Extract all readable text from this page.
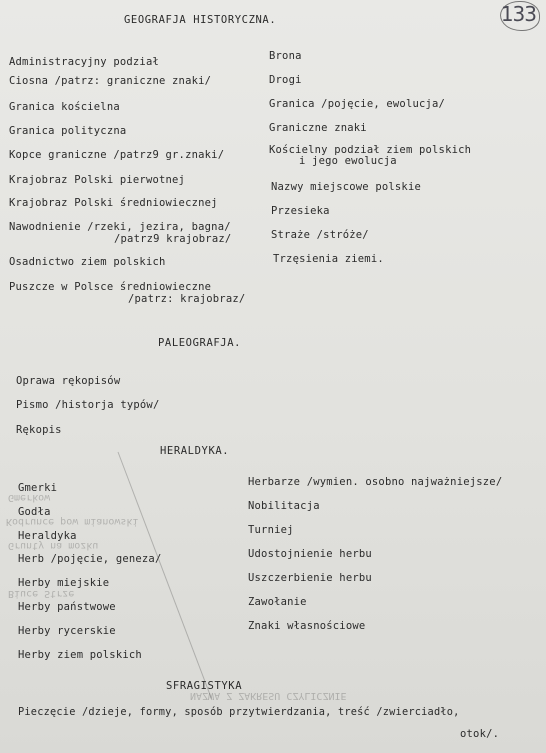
133
Gmerkow
Kodrunce pow mianowski
Grunty na mozku
Biuce Strze
NAZWA Z ZAKRESU CZYLICZNIE
GEOGRAFJA HISTORYCZNA.
Administracyjny podział
Ciosna /patrz: graniczne znaki/
Granica kościelna
Granica polityczna
Kopce graniczne /patrz9 gr.znaki/
Krajobraz Polski pierwotnej
Krajobraz Polski średniowiecznej
Nawodnienie /rzeki, jezira, bagna/
/patrz9 krajobraz/
Osadnictwo ziem polskich
Puszcze w Polsce średniowieczne
/patrz: krajobraz/
Brona
Drogi
Granica /pojęcie, ewolucja/
Graniczne znaki
Kościelny podział ziem polskich
i jego ewolucja
Nazwy miejscowe polskie
Przesieka
Straże /stróże/
Trzęsienia ziemi.
PALEOGRAFJA.
Oprawa rękopisów
Pismo /historja typów/
Rękopis
HERALDYKA.
Gmerki
Godła
Heraldyka
Herb /pojęcie, geneza/
Herby miejskie
Herby państwowe
Herby rycerskie
Herby ziem polskich
Herbarze /wymien. osobno najważniejsze/
Nobilitacja
Turniej
Udostojnienie herbu
Uszczerbienie herbu
Zawołanie
Znaki własnościowe
SFRAGISTYKA
Pieczęcie /dzieje, formy, sposób przytwierdzania, treść /zwierciadło,
otok/.
